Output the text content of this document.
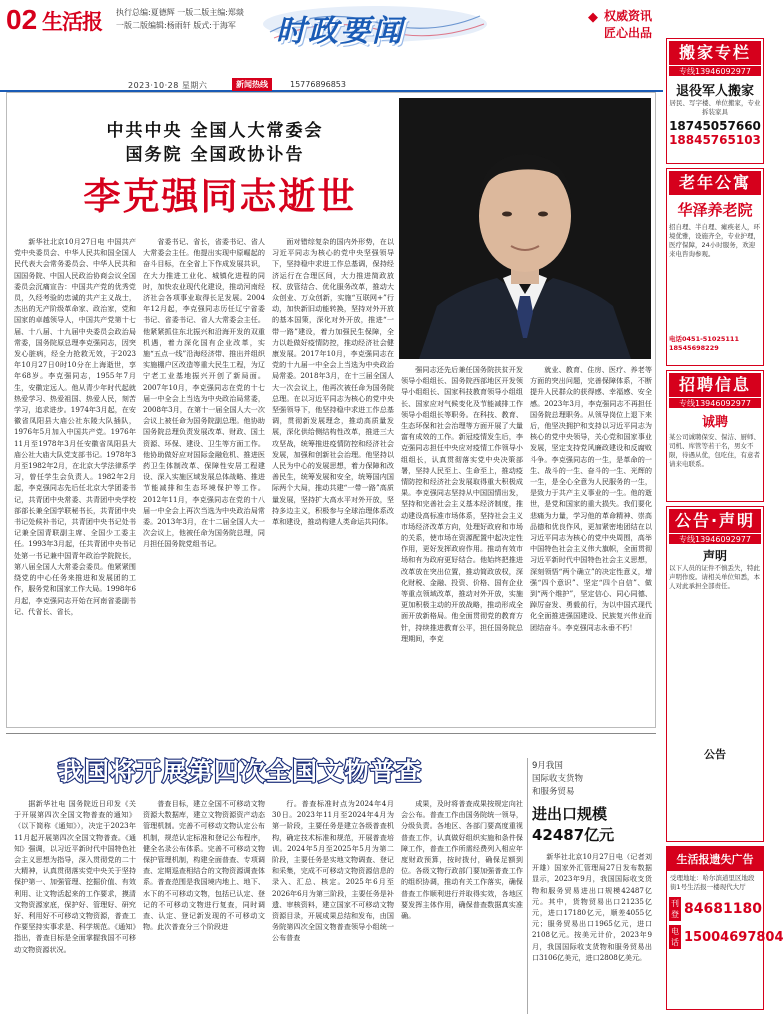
02 生活报 执行总编:夏德辉 一版二版主编:郑燚
一版二版编辑:杨雨轩 版式:于海军 时政要闻	◆ 权威资讯
匠心出品
2023·10·28 星期六	新闻热线	15776896853
中共中央 全国人大常委会
国务院 全国政协讣告
李克强同志逝世

新华社北京10月27日电 中国共产党中央委员会、中华人民共和国全国人民代表大会常务委员会、中华人民共和国国务院、中国人民政治协商会议全国委员会沉痛宣告：中国共产党的优秀党员，久经考验的忠诚的共产主义战士，杰出的无产阶级革命家、政治家，党和国家的卓越领导人，中国共产党第十七届、十八届、十九届中央委员会政治局常委，国务院原总理李克强同志，因突发心脏病，经全力抢救无效，于2023年10月27日0时10分在上海逝世，享年68岁。李克强同志，1955年7月生，安徽定远人。他从青少年时代起就热爱学习、热爱祖国、热爱人民，刻苦学习，追求进步。1974年3月起，在安徽省凤阳县大庙公社东陵大队插队，1976年5月加入中国共产党。1976年11月至1978年3月任安徽省凤阳县大庙公社大庙大队党支部书记。1978年3月至1982年2月，在北京大学法律系学习，曾任学生会负责人。1982年2月起，李克强同志先后任北京大学团委书记，共青团中央常委、共青团中央学校部部长兼全国学联秘书长，共青团中央书记处候补书记，共青团中央书记处书记兼全国青联副主席、全国少工委主任。1993年3月起，任共青团中央书记处第一书记兼中国青年政治学院院长，第八届全国人大常委会委员。他紧紧围绕党的中心任务来推进和发展团的工作，服务党和国家工作大局。1998年6月起，李克强同志开始在河南省委副书记、代省长、省长，

省委书记、省长，省委书记、省人大常委会主任。他提出实现中原崛起的奋斗目标，在全省上下作成发展共识，在大力推进工业化、城镇化进程的同时，加快农业现代化建设，推动河南经济社会各项事业取得长足发展。2004年12月起，李克强同志历任辽宁省委书记、省委书记、省人大常委会主任。他紧紧抓住东北振兴和沿海开发的双重机遇，着力深化国有企业改革，实施“五点一线”沿海经济带、推出并组织实施棚户区改造等重大民生工程，为辽宁老工业基地振兴开创了新局面。2007年10月，李克强同志在党的十七届一中全会上当选为中央政治局常委，2008年3月，在第十一届全国人大一次会议上被任命为国务院副总理。他协助国务院总理负责发展改革、财政、国土资源、环保、建设、卫生等方面工作。他协助做好应对国际金融危机、推进医药卫生体制改革、保障性安居工程建设、深入实施区域发展总体战略、推进节能减排和生态环境保护等工作。2012年11月，李克强同志在党的十八届一中全会上再次当选为中央政治局常委。2013年3月，在十二届全国人大一次会议上，他被任命为国务院总理，同月担任国务院党组书记。

面对错综复杂的国内外形势，在以习近平同志为核心的党中央坚强领导下，坚持稳中求进工作总基调，保持经济运行在合理区间，大力推进简政放权、放管结合、优化服务改革，推动大众创业、万众创新，实施“互联网+”行动，加快新旧动能转换，坚持对外开放的基本国策，深化对外开放，推进“一带一路”建设，着力加强民生保障，全力以赴做好疫情防控，推动经济社会健康发展。2017年10月，李克强同志在党的十九届一中全会上当选为中央政治局常委。2018年3月，在十三届全国人大一次会议上，他再次被任命为国务院总理。在以习近平同志为核心的党中央坚强领导下，他坚持稳中求进工作总基调，贯彻新发展理念，推动高质量发展，深化供给侧结构性改革，推进三大攻坚战，统筹推进疫情防控和经济社会发展，加强和创新社会治理。他坚持以人民为中心的发展思想，着力保障和改善民生，统筹发展和安全，统筹国内国际两个大局，推动共建“一带一路”高质量发展，坚持扩大高水平对外开放，坚持多边主义，积极参与全球治理体系改革和建设，推动构建人类命运共同体。

强同志还先后兼任国务院扶贫开发领导小组组长、国务院西部地区开发领导小组组长、国家科技教育领导小组组长、国家应对气候变化及节能减排工作领导小组组长等职务。在科技、教育、生态环保和社会治理等方面开展了大量富有成效的工作。新冠疫情发生后，李克强同志担任中央应对疫情工作领导小组组长，认真贯彻落实党中央决策部署，坚持人民至上、生命至上，推动疫情防控和经济社会发展取得重大积极成果。李克强同志坚持从中国国情出发，坚持和完善社会主义基本经济制度，推动建设高标准市场体系，坚持社会主义市场经济改革方向，处理好政府和市场的关系，使市场在资源配置中起决定性作用，更好发挥政府作用。推动有效市场和有为政府更好结合。他始终把推进改革放在突出位置，推动简政放权，深化财税、金融、投资、价格、国有企业等重点领域改革，推动对外开放，实施更加积极主动的开放战略，推动形成全面开放新格局。他全面贯彻党的教育方针，持续推进教育公平，担任国务院总理期间，李克

就业、教育、住房、医疗、养老等方面的突出问题，完善保障体系，不断提升人民群众的获得感、幸福感、安全感。2023年3月，李克强同志不再担任国务院总理职务。从领导岗位上退下来后，他坚决拥护和支持以习近平同志为核心的党中央领导，关心党和国家事业发展，坚定支持党风廉政建设和反腐败斗争。李克强同志的一生，是革命的一生、战斗的一生、奋斗的一生、光辉的一生，是全心全意为人民服务的一生，是致力于共产主义事业的一生。他的逝世，是党和国家的重大损失。我们要化悲痛为力量，学习他的革命精神、崇高品德和优良作风，更加紧密地团结在以习近平同志为核心的党中央周围，高举中国特色社会主义伟大旗帜，全面贯彻习近平新时代中国特色社会主义思想，深刻领悟“两个确立”的决定性意义，增强“四个意识”、坚定“四个自信”、做到“两个维护”，坚定信心、同心同德、踔厉奋发、勇毅前行，为以中国式现代化全面推进强国建设、民族复兴伟业而团结奋斗。李克强同志永垂不朽！

我国将开展第四次全国文物普查

据新华社电 国务院近日印发《关于开展第四次全国文物普查的通知》（以下简称《通知》），决定于2023年11月起开展第四次全国文物普查。《通知》强调，以习近平新时代中国特色社会主义思想为指导，深入贯彻党的二十大精神，认真贯彻落实党中央关于坚持保护第一、加强管理、挖掘价值、有效利用、让文物活起来的工作要求，摸清文物资源家底，保护好、管理好、研究好、利用好不可移动文物资源，普查工作要坚持实事求是、科学规范。《通知》指出，普查目标是全面掌握我国不可移动文物资源状况。

普查目标，建立全国不可移动文物资源大数据库，建立文物资源资产动态管理机制。完善不可移动文物认定公布机制，规范认定标准和登记公布程序，健全名录公布体系。完善不可移动文物保护管理机制，构建全面普查、专项调查、定期巡查相结合的文物资源调查体系。普查范围是我国境内地上、地下、水下的不可移动文物，包括已认定、登记的不可移动文物进行复查，同时调查、认定、登记新发现的不可移动文物。此次普查分三个阶段进

行。普查标准时点为2024年4月30日。2023年11月至2024年4月为第一阶段，主要任务是建立各级普查机构，确定技术标准和规范，开展普查培训。2024年5月至2025年5月为第二阶段，主要任务是实地文物调查、登记和采集，完成不可移动文物资源信息的录入、汇总、核定。2025年6月至2026年6月为第三阶段，主要任务是补遗、审核资料，建立国家不可移动文物资源目录，开展成果总结和发布，由国务院第四次全国文物普查领导小组统一公布普查

成果，及时将普查成果按规定向社会公布。普查工作由国务院统一领导，分级负责。各地区、各部门要高度重视普查工作，认真做好组织实施和条件保障工作，普查工作所需经费列入相应年度财政预算，按时拨付，确保足额到位。各级文物行政部门要加强普查工作的组织协调，推动有关工作落实，确保普查工作顺利进行并取得实效，各地区要发挥主体作用，确保普查数据真实准确。

9月我国
国际收支货物
和服务贸易
进出口规模
42487亿元

新华社北京10月27日电（记者刘开雄）国家外汇管理局27日发布数据显示，2023年9月，我国国际收支货物和服务贸易进出口规模42487亿元。其中，货物贸易出口21235亿元，进口17180亿元，顺差4055亿元；服务贸易出口1965亿元，进口2108亿元。按美元计价，2023年9月，我国国际收支货物和服务贸易出口3106亿美元，进口2808亿美元。

搬家专栏
专线13946092977
退役军人搬家
居民、写字楼、单位搬家，专业拆装家具
18745057660
18845765103
老年公寓
华泽养老院
招自理、半自理、瘫痪老人，环境优雅，设施齐全，专业护理，医疗保障，24小时服务，欢迎来电咨询参观。
电话0451-51025111 18545698229
招聘信息
专线13946092977
诚聘
某公司诚聘保安、保洁、厨师、司机、库管等若干名，男女不限，待遇从优，包吃住，有意者请来电联系。
公告·声明
专线13946092977
声明
以下人员的证件不慎丢失，特此声明作废。请相关单位知悉，本人对此承担全部责任。
公告
生活报遗失广告
受理地址：哈尔滨道里区地段街1号生活报一楼现代大厅
刊登 84681180
电话 15004697804
